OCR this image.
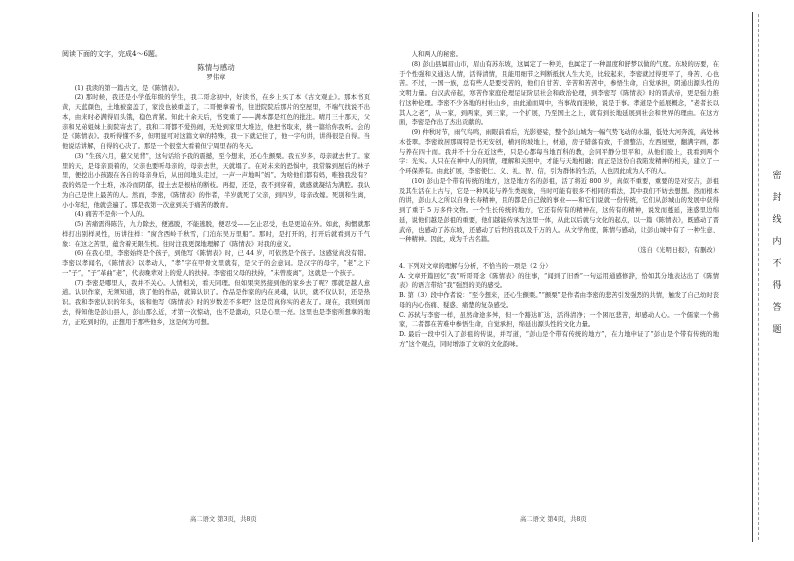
阅读下面的文字，完成4～6题。

陈情与感动

罗伟章

(1) 我读的第一篇古文，是《陈情表》。

(2) 那时候，我还是小学低年级的学生，我二哥念初中，好读书，在乡上买了本《古文观止》。那本书页黄，天蓝颜色，土地被蛮盖了，家没也被重盖了，二哥便拿着书，往进院院后那片的空屋里，不端气找说不出本，由来时必满得眉头饿，稳色青紧。知此十余天后，书变重了——满本都是红色的批注。晴月三十那天，父亲和兄弟姐妹上街院寄去了，我和二哥都不爱热闹，无处到家里大堆边，他把书取来，挑一篇给你我听。会的是《陈情表》。我听得懂不多，但明显可对这篇文章的特殊，我一下就记住了，他一字句讲，讲得很是自得。当他说话讲解，自得的心决了。那是一个很堂大看着但宁周里春的冬天。

(3) “生孩六月，慈父见背”，这句话给予我的震撼，至今想来，还心生颤栗。我五岁多，母亲就去世了。家里的天，是母亲顶着的，父亲也要听母亲的，母亲去世，天就塌了。在对未来的恐惧中，我常躲到屋后的林子里，便挖出小孩跟在各自的母亲身后，从田间地头走过，一声一声地叫“妈”。为啥他们都有妈，唯独我没有？我的妈是一个土堆，冰冷而阴郁，提土去是根枯的断枝。再提，还是，我不到穿着，就感就凝结为满腔。我认为自己是世上最苦的人。然而，李密，《陈情表》的作者，半岁就死了父亲，到四岁，母亲改嫁。死别和生离，小小年纪，他就尝遍了。那是我第一次意到关于痛苦的教育。

(4) 痛苦不是你一个人的。

(5) 苦痛需得陈告，九力除去，便逃脱，不能逃脱，便忍受——乞止忍受，也是更迫在外。如此，拘惯就那样打出别样灵性，历讲往样：“窗含西岭千秋雪，门泊东吴万里船”。那时，是打开的，打开后就看到万千气象：在这之苦里，蕴含着无限生机。往时注我更深地理解了《陈情表》对我的意义。

(6) 在我心里，李密始终是个孩子，到他写《陈情表》时，已 44 岁，可依然是个孩子。这感觉真没有错。李密以孝闻名，《陈情表》以孝动人，“孝”字在甲骨文里就有，是父子的会意词。是汉字的母字，“老”之下一“子”，“子”革曲“老”，代表晚辈对上的爱人的扶持。李密祖父母的扶持，“未曾废离”，这就是一个孩子。

(7) 李密是哪里人，我并不关心。人情相关，看天同理。但如果突然接到他的家乡去了呢？那就是越人意道。认识作家，无须知道，读了他的作品，就算认识了。作品是作家的内在灵魂，认识，就不仅认识，还是热识。我和李密认识的年头，该和他写《陈情表》时的岁数差不多吧？这是贯真你实的老友了。现在，我则到而去，得知他是彭山县人，彭山那么近，才第一次惊动，也不是激动，只是心里一亮。这里也是李密所想拿的地方，正吃到时的，正想用于那些他乡，这是何为可想。

人和两人的秘密。

(8) 彭山县属眉山市，眉山有苏东坡，这属定了一种美，也属定了一种温度和舒梦以做的气度。东坡的历要，在于个性强和义通达人情，活得清情，且能用细节之判断抵抗人生大美，比较起来，李密就过得更平了，身苦、心也苦。不过，一国一族，总有些人是要受苦的，他们自甘苦、辛苦和苦苦中，参悟生命，自觉承担，阴通出源头性的文明力量。白汉武帝起，寒苦作家庭伦理足证阶层社会和政治伦理，到李密写《陈情表》时的晋武帝，更是强力推行这种伦理。李密不少各地的村社山乡，由此通而周中，当事战而迎候，说是于事。孝道是个延展概念，“老者长以其人之老”，从一家，到两家，到三家，一个扩展，乃至国土之上，就有到长地延展到社会和世界的理由。在这方面，李密是作出了杰出贡献的。

(9) 仲秋时节，雨气鸟鸣，雨眼前看后，光影婆娑，整个彭山城为一幅气势飞动的水墨，低处大河奔流，高处林木苍翠。李密故居那周特是书无安创，横河的坡地上，材通，房子错落有致，千滑整洁，左西屋壁，翻满字画，都与养在四十而。我并不十分在近这些，只是心都每当地百科的教，会同平静分里平和，从他们脸上，我看到两个字：光实。人只在在神中人的同情，理解和关照中，才能与天地相融；而正是这份自我陷发精神的相关，建立了一个环保养有。由此扩展，李密使仁、义、礼、智、信，引为群体的生活，人也因此成为人不的人。

(10) 彭山是个带有传统的地方，这是地方名的彭祖，活了将近 800 岁，真似不重要，重要的是对安吉，彭祖及其生活在上古与，它是一种风花与养生类现象，当时可能有很多不相同的看法，其中我们不妨去想想。然而根本的讲，彭山人之所以自身长寿精神，且的都是自己做的事业——和它们说就一份传统，它们从彭城山的发展中获得到了重于 5 万多件文物。一个生长传统的地方，它还有传有的精神在，这传有的精神，说发而蔓延，迷惑里边绵延，说他们越是彭祖的重要，他们越能传承为这里一体，从此以后就与文化的起点，以一篇《陈情表》，既感动了晋武帝，也感动了苏东坡，还感动了后世的我以及千万的人。从文学角度，陈情与感动，让彭山城中有了 一种生意、一种精神。因此，成为千古名篇。

（选自《光明日报》，有删改）

4. 下列对文章的理解与分析，不恰当的一项是（2 分）

A. 文章开篇回忆“我”听哥哥念《陈情表》的往事，“闻到了旧香”一句运用通感修辞，恰如其分地表达出了《陈情表》的语言带给“我”强烈的美的感受。

B. 第（3）段中作者说：“至今想来，还心生颤栗。”“颤栗”是作者由李密的悲苦引发强烈的共情，触发了自己幼时丧母的内心伤痛、疑惑、痛楚的复杂感受。

C. 苏轼与李密一样，虽然命途多舛，但一个豁达旷达，活得清净；一个困厄悲苦，却感动人心。一个儒家一个佛家，二者都在苦难中参悟生命，自觉承担，绵延出源头性的文化力量。

D. 最后一段中引入了彭祖的传说，并写道，“彭山是个带有传统的地方”，在力地申证了“彭山是个带有传统的地方”这个观点，同时增添了文章的文化韵味。

高二语文 第3页，共8页	高二语文 第4页，共8页
密
封
线
内
不
得
答
题
